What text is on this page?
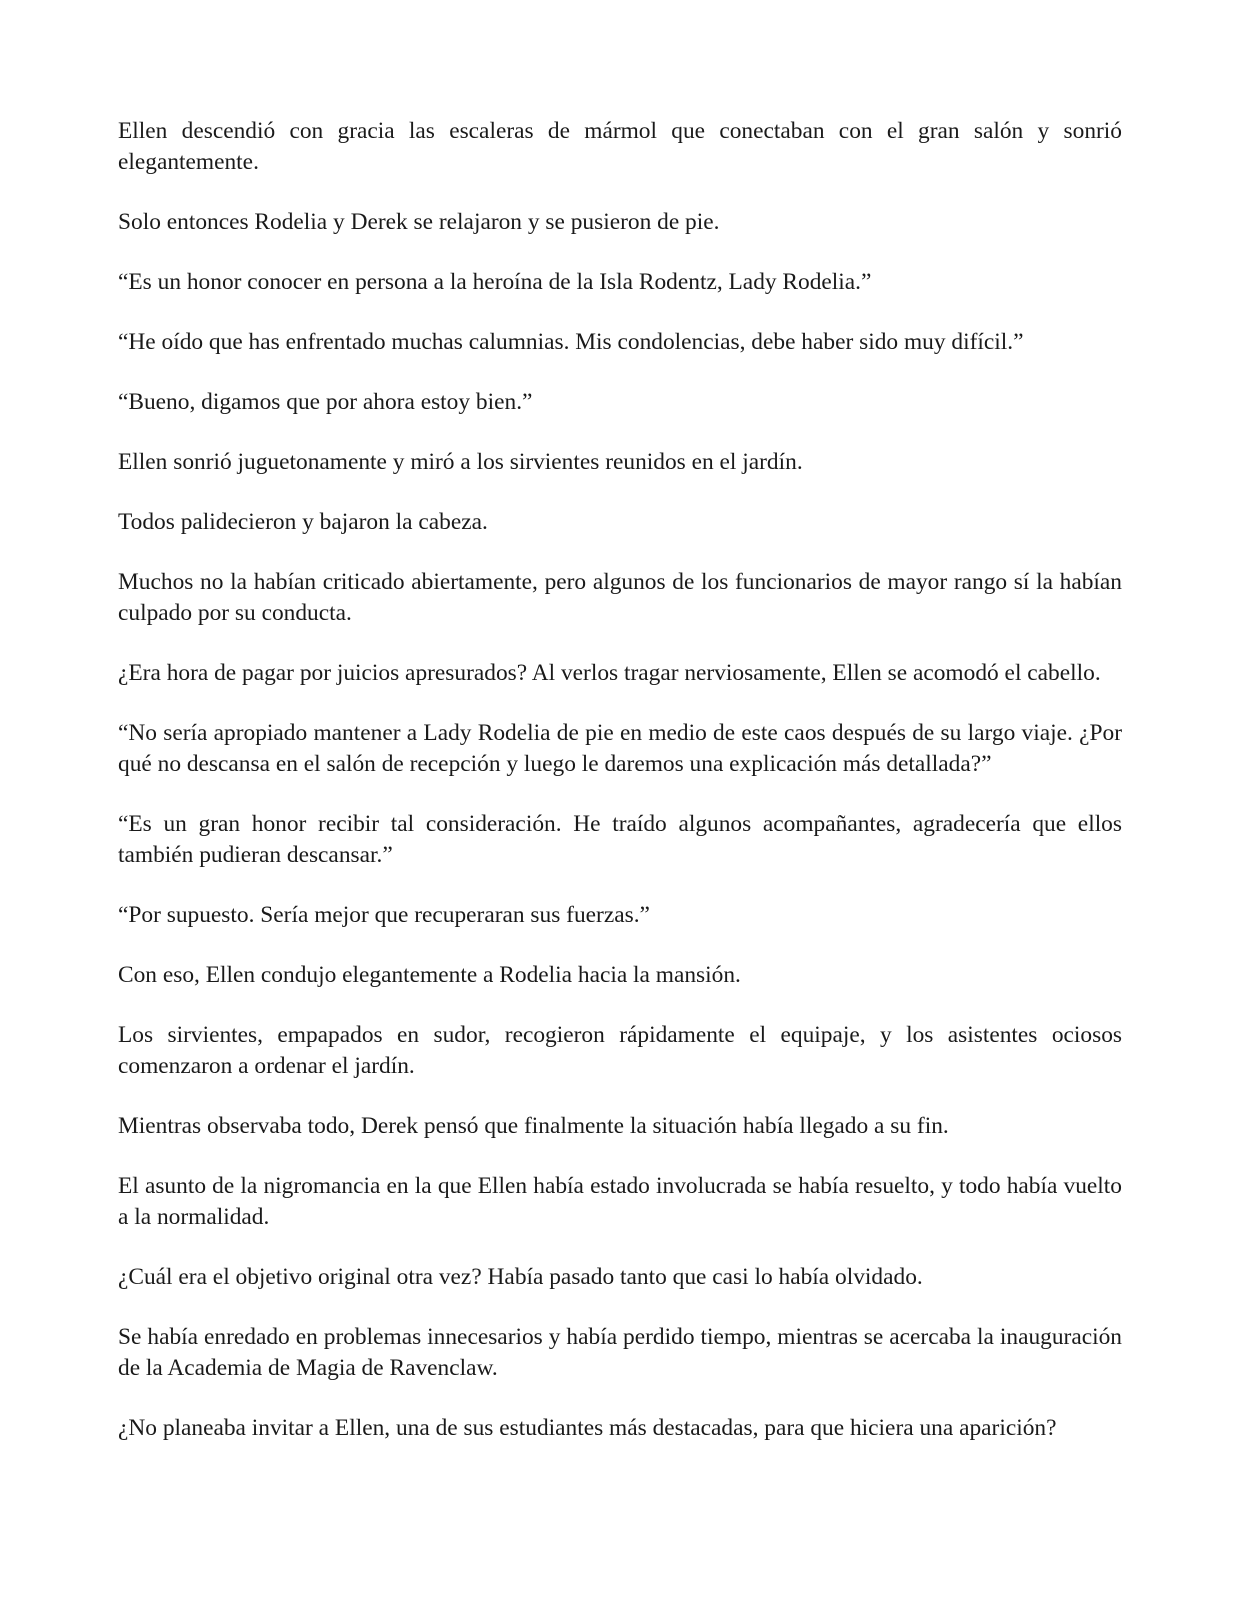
Ellen descendió con gracia las escaleras de mármol que conectaban con el gran salón y sonrió elegantemente.

Solo entonces Rodelia y Derek se relajaron y se pusieron de pie.

“Es un honor conocer en persona a la heroína de la Isla Rodentz, Lady Rodelia.”

“He oído que has enfrentado muchas calumnias. Mis condolencias, debe haber sido muy difícil.”

“Bueno, digamos que por ahora estoy bien.”

Ellen sonrió juguetonamente y miró a los sirvientes reunidos en el jardín.

Todos palidecieron y bajaron la cabeza.

Muchos no la habían criticado abiertamente, pero algunos de los funcionarios de mayor rango sí la habían culpado por su conducta.

¿Era hora de pagar por juicios apresurados? Al verlos tragar nerviosamente, Ellen se acomodó el cabello.

“No sería apropiado mantener a Lady Rodelia de pie en medio de este caos después de su largo viaje. ¿Por qué no descansa en el salón de recepción y luego le daremos una explicación más detallada?”

“Es un gran honor recibir tal consideración. He traído algunos acompañantes, agradecería que ellos también pudieran descansar.”

“Por supuesto. Sería mejor que recuperaran sus fuerzas.”

Con eso, Ellen condujo elegantemente a Rodelia hacia la mansión.

Los sirvientes, empapados en sudor, recogieron rápidamente el equipaje, y los asistentes ociosos comenzaron a ordenar el jardín.

Mientras observaba todo, Derek pensó que finalmente la situación había llegado a su fin.

El asunto de la nigromancia en la que Ellen había estado involucrada se había resuelto, y todo había vuelto a la normalidad.

¿Cuál era el objetivo original otra vez? Había pasado tanto que casi lo había olvidado.

Se había enredado en problemas innecesarios y había perdido tiempo, mientras se acercaba la inauguración de la Academia de Magia de Ravenclaw.

¿No planeaba invitar a Ellen, una de sus estudiantes más destacadas, para que hiciera una aparición?
